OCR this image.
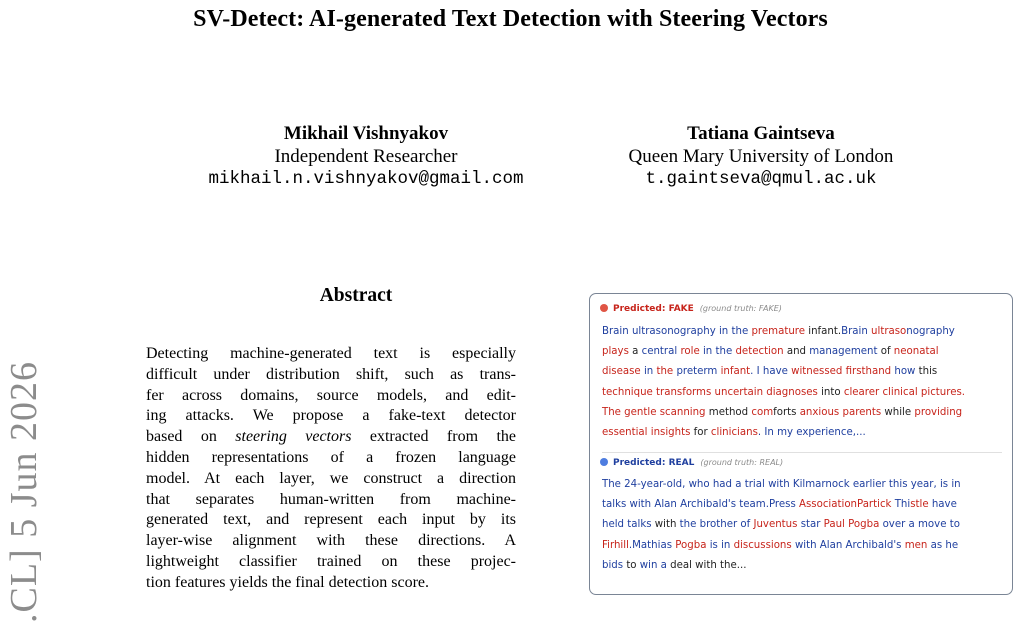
SV-Detect: AI-generated Text Detection with Steering Vectors
Mikhail Vishnyakov
Independent Researcher
mikhail.n.vishnyakov@gmail.com
Tatiana Gaintseva
Queen Mary University of London
t.gaintseva@qmul.ac.uk
.CL] 5 Jun 2026
Abstract
Detecting machine-generated text is especially
difficult under distribution shift, such as trans-
fer across domains, source models, and edit-
ing attacks. We propose a fake-text detector
based on steering vectors extracted from the
hidden representations of a frozen language
model. At each layer, we construct a direction
that separates human-written from machine-
generated text, and represent each input by its
layer-wise alignment with these directions. A
lightweight classifier trained on these projec-
tion features yields the final detection score.
Predicted: FAKE (ground truth: FAKE)
Brain ultrasonography in the premature infant.Brain ultrasonography
plays a central role in the detection and management of neonatal
disease in the preterm infant. I have witnessed firsthand how this
technique transforms uncertain diagnoses into clearer clinical pictures.
The gentle scanning method comforts anxious parents while providing
essential insights for clinicians. In my experience,...
Predicted: REAL (ground truth: REAL)
The 24-year-old, who had a trial with Kilmarnock earlier this year, is in
talks with Alan Archibald's team.Press AssociationPartick Thistle have
held talks with the brother of Juventus star Paul Pogba over a move to
Firhill.Mathias Pogba is in discussions with Alan Archibald's men as he
bids to win a deal with the...
